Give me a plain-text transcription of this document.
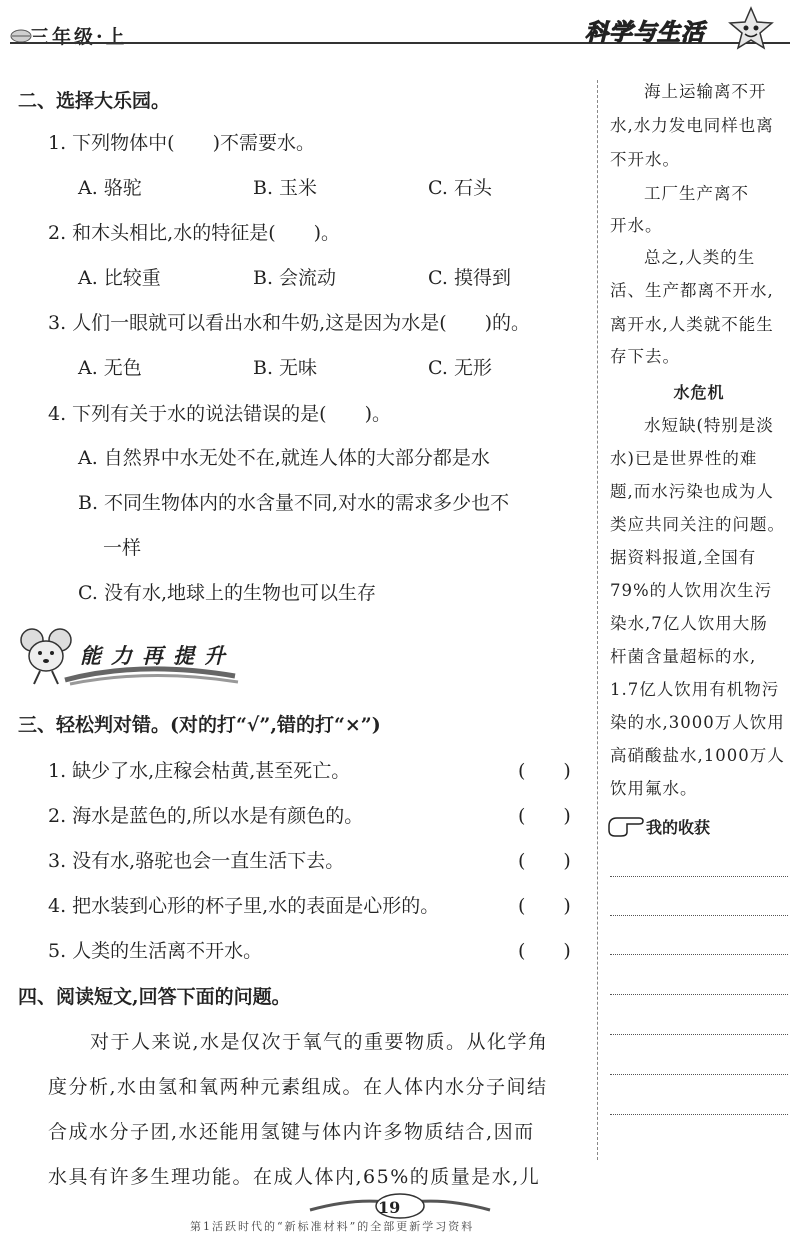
三年级·上	科学与生活
二、选择大乐园。
1. 下列物体中(　　)不需要水。
A. 骆驼	B. 玉米	C. 石头
2. 和木头相比,水的特征是(　　)。
A. 比较重	B. 会流动	C. 摸得到
3. 人们一眼就可以看出水和牛奶,这是因为水是(　　)的。
A. 无色	B. 无味	C. 无形
4. 下列有关于水的说法错误的是(　　)。
A. 自然界中水无处不在,就连人体的大部分都是水
B. 不同生物体内的水含量不同,对水的需求多少也不
一样
C. 没有水,地球上的生物也可以生存
能力再提升
三、轻松判对错。(对的打“√”,错的打“×”)
1. 缺少了水,庄稼会枯黄,甚至死亡。	(　　)
2. 海水是蓝色的,所以水是有颜色的。	(　　)
3. 没有水,骆驼也会一直生活下去。	(　　)
4. 把水装到心形的杯子里,水的表面是心形的。	(　　)
5. 人类的生活离不开水。	(　　)
四、阅读短文,回答下面的问题。
对于人来说,水是仅次于氧气的重要物质。从化学角
度分析,水由氢和氧两种元素组成。在人体内水分子间结
合成水分子团,水还能用氢键与体内许多物质结合,因而
水具有许多生理功能。在成人体内,65%的质量是水,儿
海上运输离不开
水,水力发电同样也离
不开水。
工厂生产离不
开水。
总之,人类的生
活、生产都离不开水,
离开水,人类就不能生
存下去。
水危机
水短缺(特别是淡
水)已是世界性的难
题,而水污染也成为人
类应共同关注的问题。
据资料报道,全国有
79%的人饮用次生污
染水,7亿人饮用大肠
杆菌含量超标的水,
1.7亿人饮用有机物污
染的水,3000万人饮用
高硝酸盐水,1000万人
饮用氟水。
我的收获
19
第1活跃时代的“新标准材料”的全部更新学习资料
